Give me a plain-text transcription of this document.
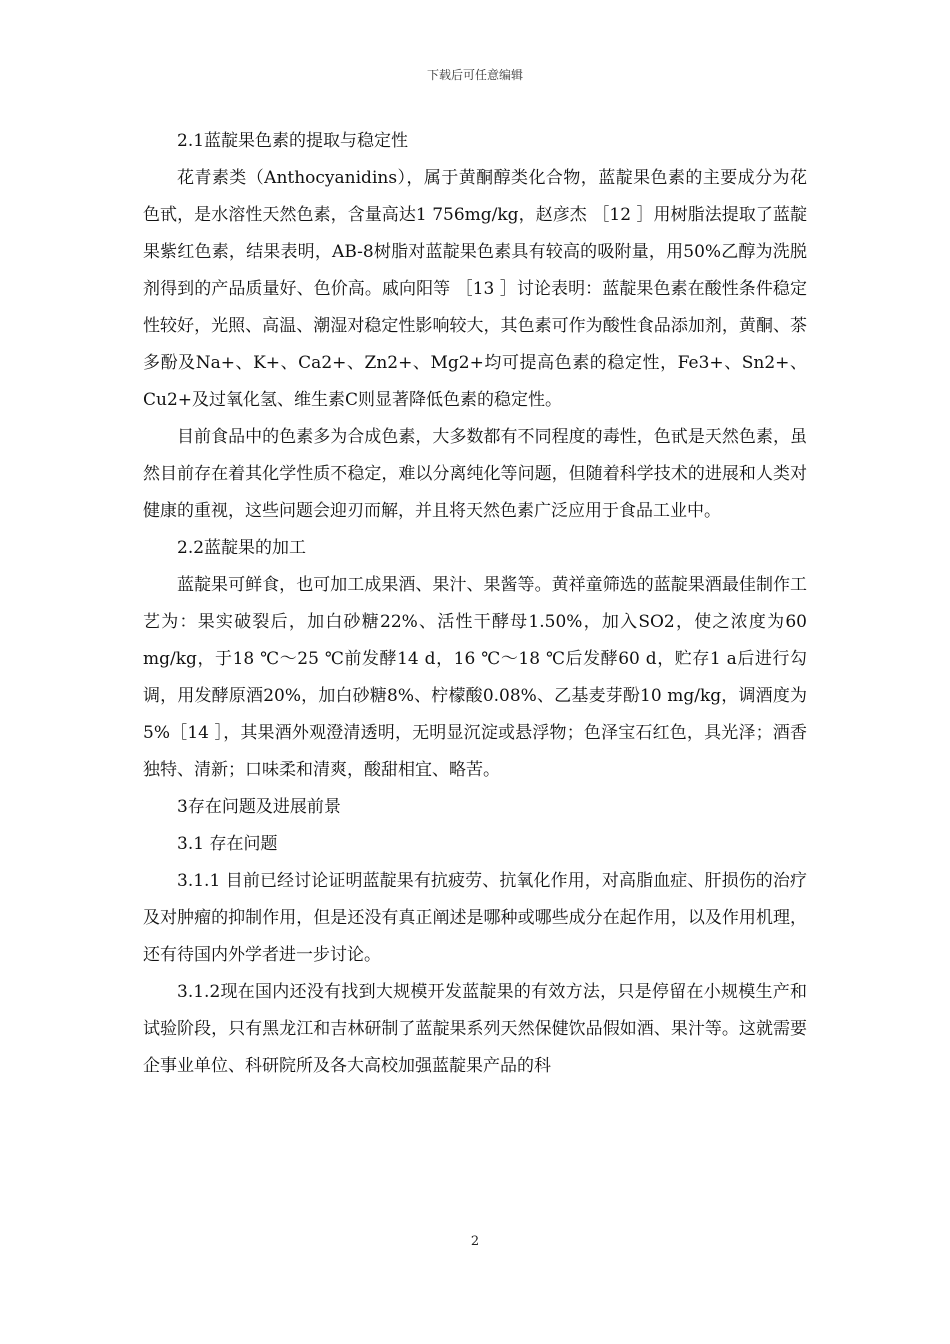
下载后可任意编辑

2.1蓝靛果色素的提取与稳定性

花青素类（Anthocyanidins），属于黄酮醇类化合物，蓝靛果色素的主要成分为花色甙，是水溶性天然色素，含量高达1 756mg/kg，赵彦杰 ［12 ］用树脂法提取了蓝靛果紫红色素，结果表明，AB-8树脂对蓝靛果色素具有较高的吸附量，用50%乙醇为洗脱剂得到的产品质量好、色价高。戚向阳等 ［13 ］讨论表明：蓝靛果色素在酸性条件稳定性较好，光照、高温、潮湿对稳定性影响较大，其色素可作为酸性食品添加剂，黄酮、茶多酚及Na+、K+、Ca2+、Zn2+、Mg2+均可提高色素的稳定性，Fe3+、Sn2+、Cu2+及过氧化氢、维生素C则显著降低色素的稳定性。

目前食品中的色素多为合成色素，大多数都有不同程度的毒性，色甙是天然色素，虽然目前存在着其化学性质不稳定，难以分离纯化等问题，但随着科学技术的进展和人类对健康的重视，这些问题会迎刃而解，并且将天然色素广泛应用于食品工业中。

2.2蓝靛果的加工

蓝靛果可鲜食，也可加工成果酒、果汁、果酱等。黄祥童筛选的蓝靛果酒最佳制作工艺为：果实破裂后，加白砂糖22%、活性干酵母1.50%，加入SO2，使之浓度为60 mg/kg，于18 ℃～25 ℃前发酵14 d，16 ℃～18 ℃后发酵60 d，贮存1 a后进行勾调，用发酵原酒20%，加白砂糖8%、柠檬酸0.08%、乙基麦芽酚10 mg/kg，调酒度为5%［14 ］，其果酒外观澄清透明，无明显沉淀或悬浮物；色泽宝石红色，具光泽；酒香独特、清新；口味柔和清爽，酸甜相宜、略苦。

3存在问题及进展前景

3.1 存在问题

3.1.1 目前已经讨论证明蓝靛果有抗疲劳、抗氧化作用，对高脂血症、肝损伤的治疗及对肿瘤的抑制作用，但是还没有真正阐述是哪种或哪些成分在起作用，以及作用机理，还有待国内外学者进一步讨论。

3.1.2现在国内还没有找到大规模开发蓝靛果的有效方法，只是停留在小规模生产和试验阶段，只有黑龙江和吉林研制了蓝靛果系列天然保健饮品假如酒、果汁等。这就需要企事业单位、科研院所及各大高校加强蓝靛果产品的科

2
